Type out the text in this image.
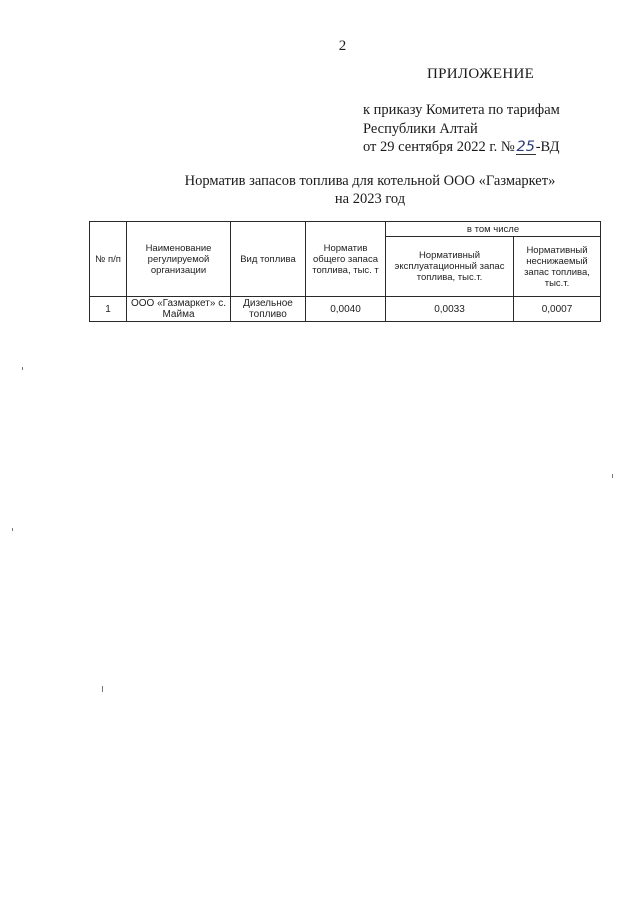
2
ПРИЛОЖЕНИЕ
к приказу Комитета по тарифам
Республики Алтай
от 29 сентября 2022 г. № 25-ВД
Норматив запасов топлива для котельной ООО «Газмаркет»
на 2023 год
№ п/п	Наименование регулируемой организации	Вид топлива	Норматив общего запаса топлива, тыс. т	в том числе	
				Нормативный эксплуатационный запас топлива, тыс.т.	Нормативный неснижаемый запас топлива, тыс.т.
1	ООО «Газмаркет» с. Майма	Дизельное топливо	0,0040	0,0033	0,0007
